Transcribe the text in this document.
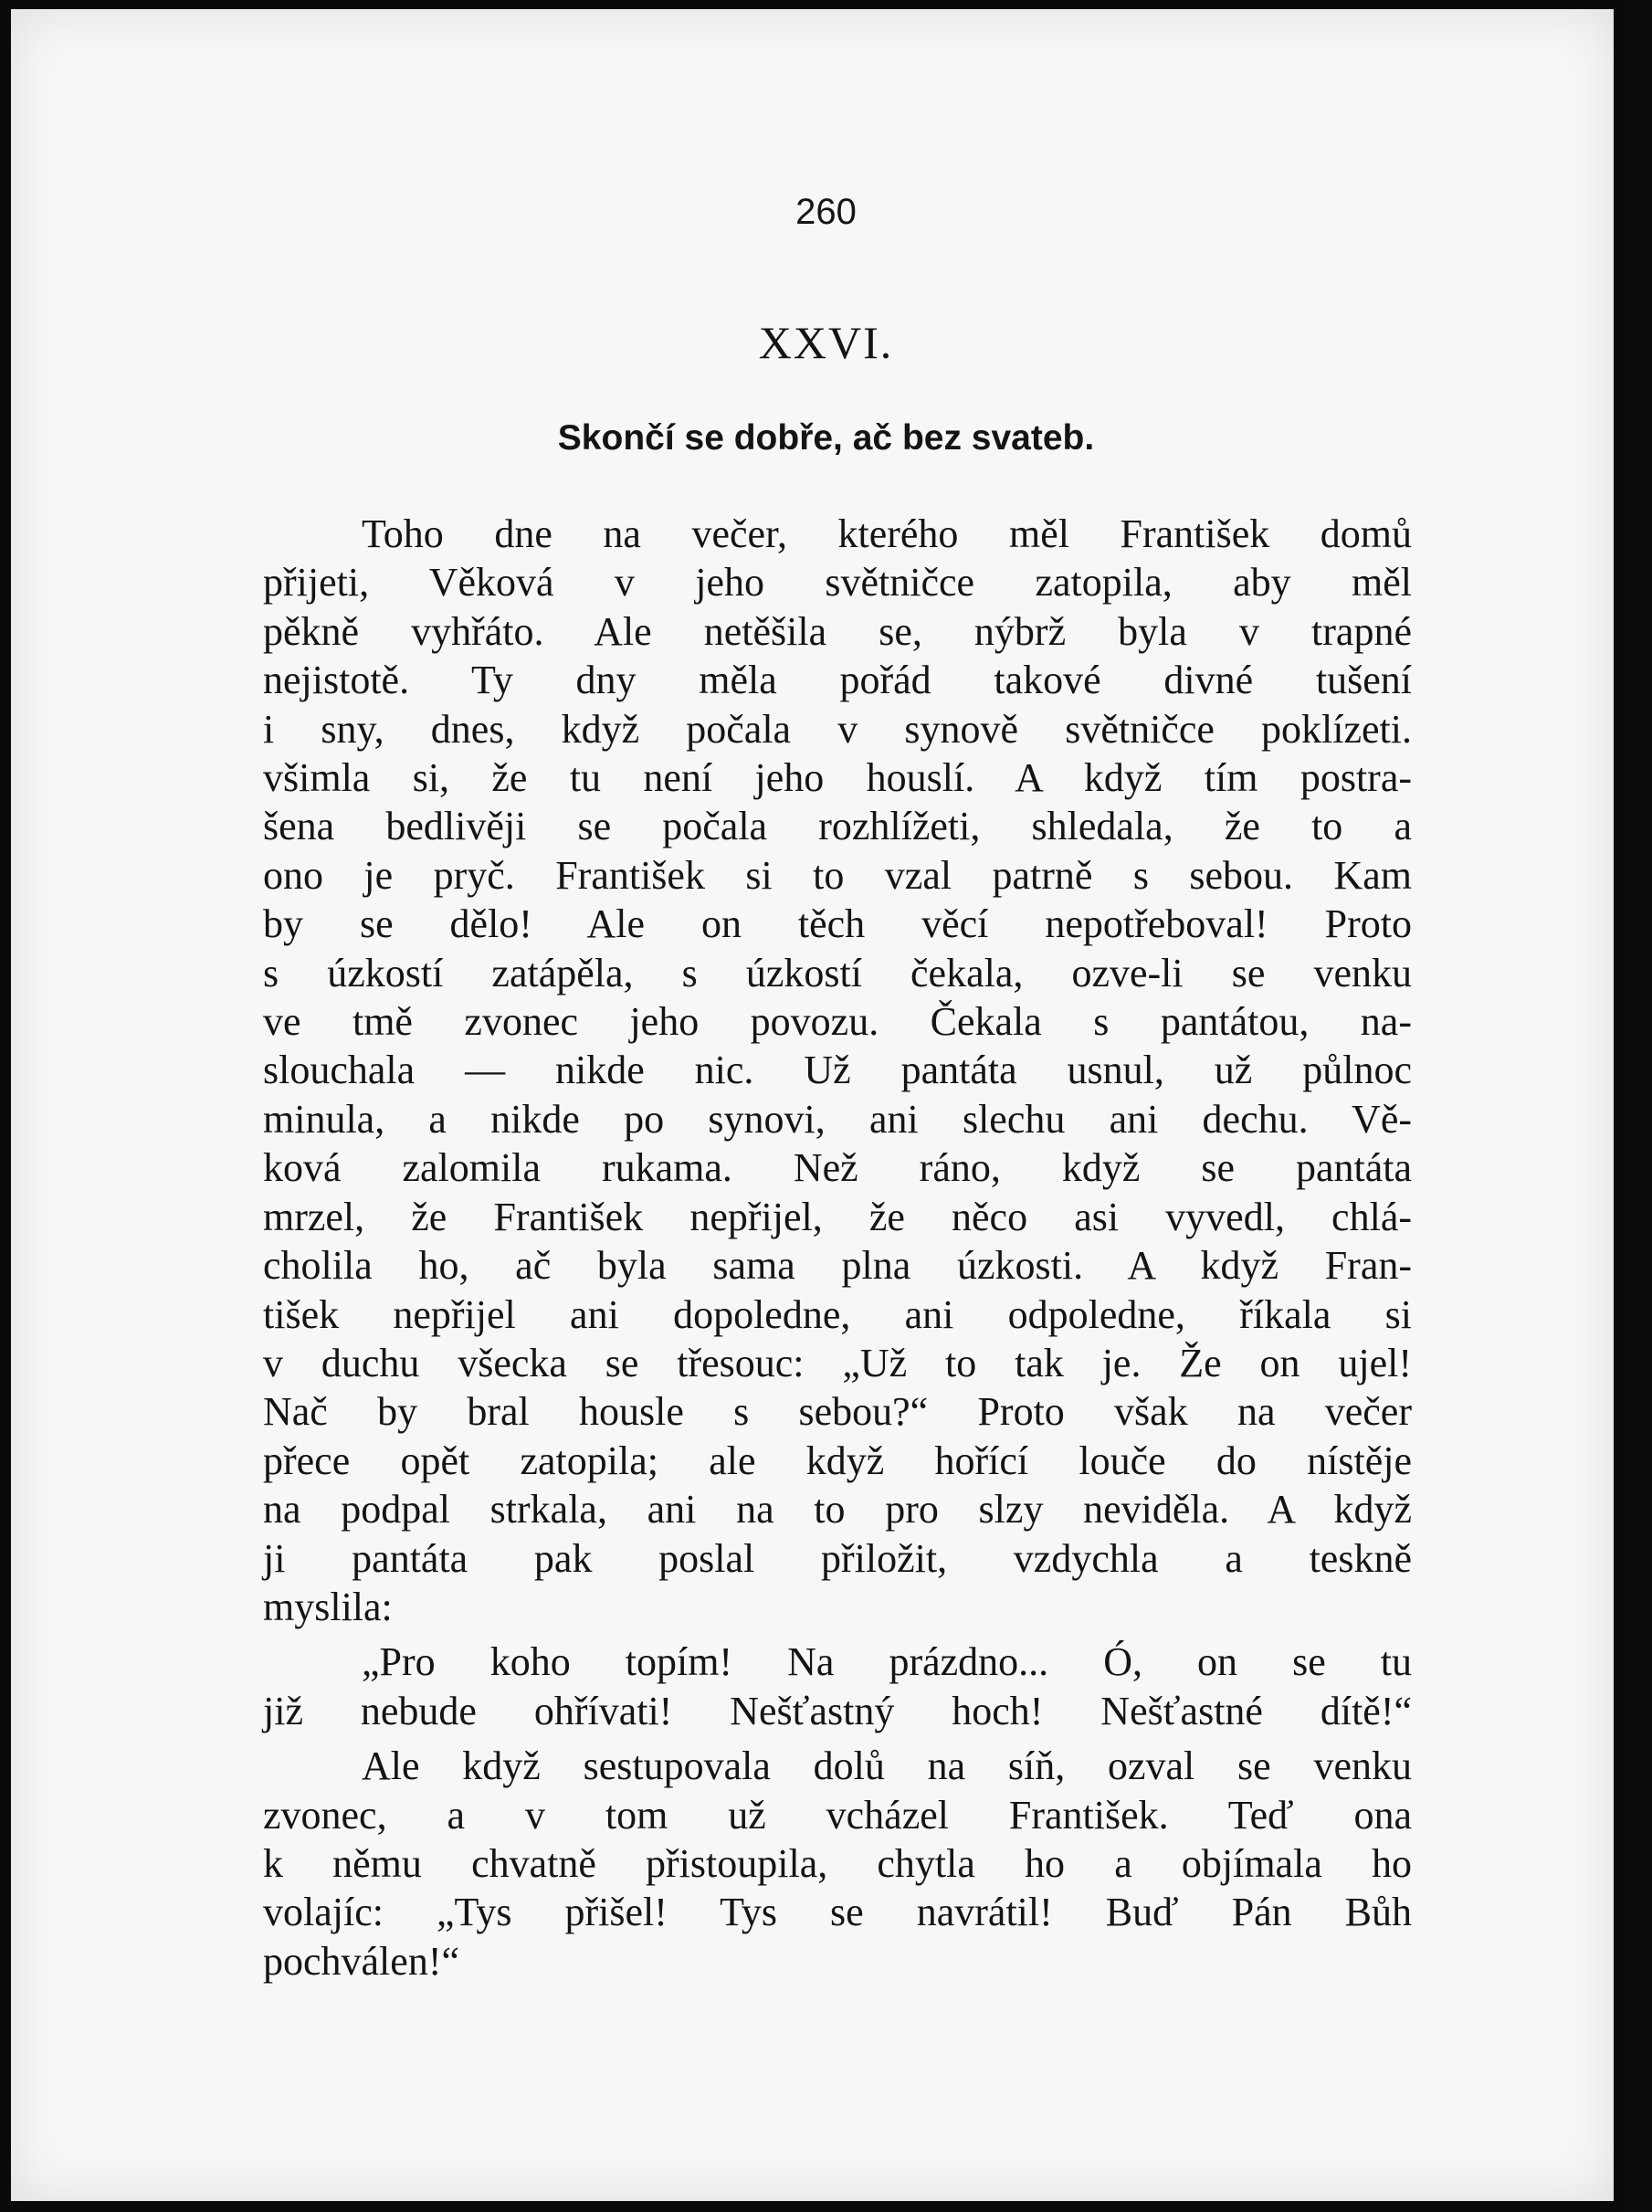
260
XXVI.
Skončí se dobře, ač bez svateb.

Toho dne na večer, kterého měl František domů
přijeti, Věková v jeho světničce zatopila, aby měl
pěkně vyhřáto. Ale netěšila se, nýbrž byla v trapné
nejistotě. Ty dny měla pořád takové divné tušení
i sny, dnes, když počala v synově světničce poklízeti.
všimla si, že tu není jeho houslí. A když tím postra-
šena bedlivěji se počala rozhlížeti, shledala, že to a
ono je pryč. František si to vzal patrně s sebou. Kam
by se dělo! Ale on těch věcí nepotřeboval! Proto
s úzkostí zatápěla, s úzkostí čekala, ozve-li se venku
ve tmě zvonec jeho povozu. Čekala s pantátou, na-
slouchala — nikde nic. Už pantáta usnul, už půlnoc
minula, a nikde po synovi, ani slechu ani dechu. Vě-
ková zalomila rukama. Než ráno, když se pantáta
mrzel, že František nepřijel, že něco asi vyvedl, chlá-
cholila ho, ač byla sama plna úzkosti. A když Fran-
tišek nepřijel ani dopoledne, ani odpoledne, říkala si
v duchu všecka se třesouc: „Už to tak je. Že on ujel!
Nač by bral housle s sebou?“ Proto však na večer
přece opět zatopila; ale když hořící louče do nístěje
na podpal strkala, ani na to pro slzy neviděla. A když
ji pantáta pak poslal přiložit, vzdychla a teskně
myslila:

„Pro koho topím! Na prázdno... Ó, on se tu
již nebude ohřívati! Nešťastný hoch! Nešťastné dítě!“

Ale když sestupovala dolů na síň, ozval se venku
zvonec, a v tom už vcházel František. Teď ona
k němu chvatně přistoupila, chytla ho a objímala ho
volajíc: „Tys přišel! Tys se navrátil! Buď Pán Bůh
pochválen!“
